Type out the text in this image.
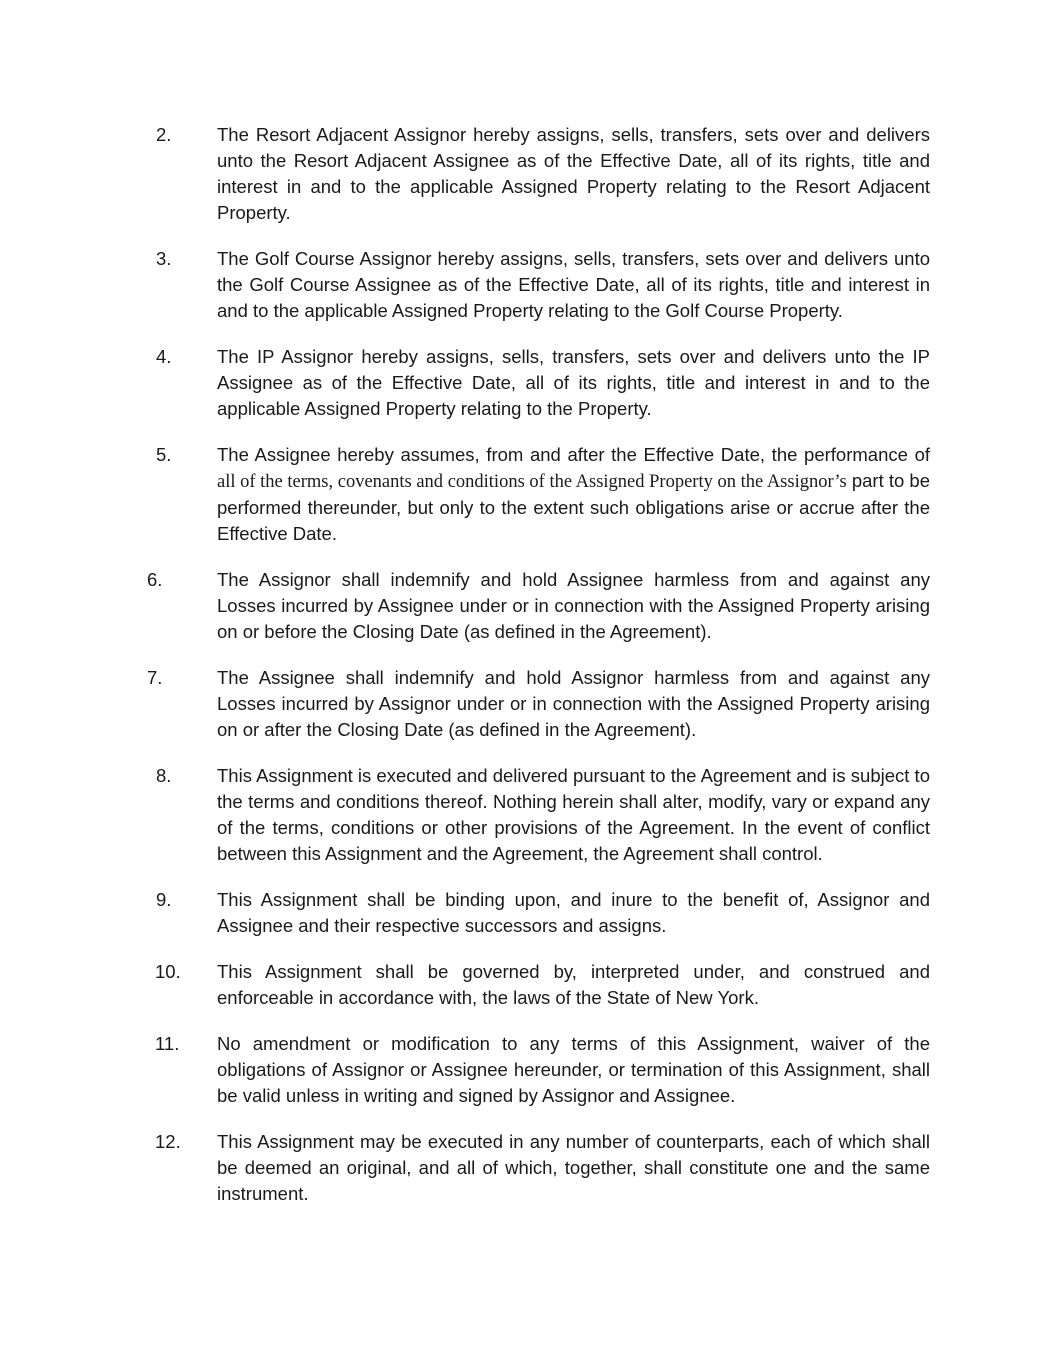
2. The Resort Adjacent Assignor hereby assigns, sells, transfers, sets over and delivers unto the Resort Adjacent Assignee as of the Effective Date, all of its rights, title and interest in and to the applicable Assigned Property relating to the Resort Adjacent Property.
3. The Golf Course Assignor hereby assigns, sells, transfers, sets over and delivers unto the Golf Course Assignee as of the Effective Date, all of its rights, title and interest in and to the applicable Assigned Property relating to the Golf Course Property.
4. The IP Assignor hereby assigns, sells, transfers, sets over and delivers unto the IP Assignee as of the Effective Date, all of its rights, title and interest in and to the applicable Assigned Property relating to the Property.
5. The Assignee hereby assumes, from and after the Effective Date, the performance of all of the terms, covenants and conditions of the Assigned Property on the Assignor’s part to be performed thereunder, but only to the extent such obligations arise or accrue after the Effective Date.
6.	The Assignor shall indemnify and hold Assignee harmless from and against any Losses incurred by Assignee under or in connection with the Assigned Property arising on or before the Closing Date (as defined in the Agreement).
7.	The Assignee shall indemnify and hold Assignor harmless from and against any Losses incurred by Assignor under or in connection with the Assigned Property arising on or after the Closing Date (as defined in the Agreement).
8. This Assignment is executed and delivered pursuant to the Agreement and is subject to the terms and conditions thereof. Nothing herein shall alter, modify, vary or expand any of the terms, conditions or other provisions of the Agreement. In the event of conflict between this Assignment and the Agreement, the Agreement shall control.
9. This Assignment shall be binding upon, and inure to the benefit of, Assignor and Assignee and their respective successors and assigns.
10. This Assignment shall be governed by, interpreted under, and construed and enforceable in accordance with, the laws of the State of New York.
11. No amendment or modification to any terms of this Assignment, waiver of the obligations of Assignor or Assignee hereunder, or termination of this Assignment, shall be valid unless in writing and signed by Assignor and Assignee.
12. This Assignment may be executed in any number of counterparts, each of which shall be deemed an original, and all of which, together, shall constitute one and the same instrument.
